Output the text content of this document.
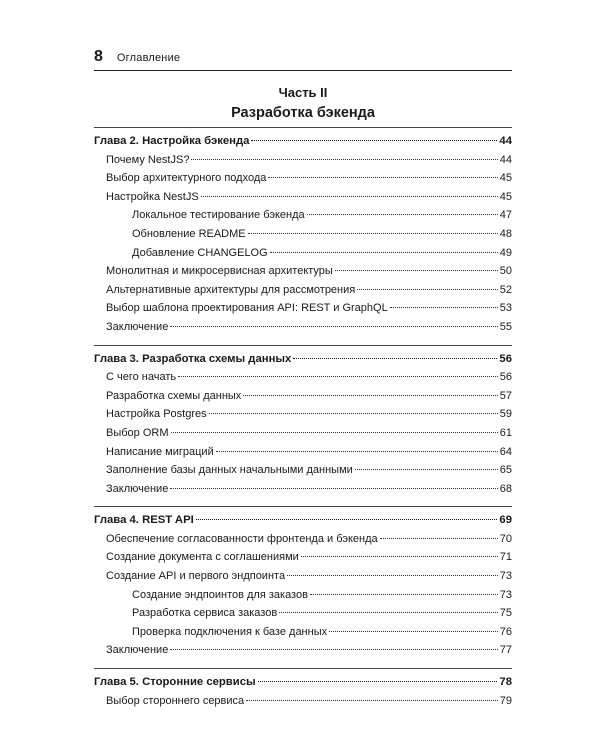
8 Оглавление
Часть II
Разработка бэкенда
Глава 2. Настройка бэкенда	44
Почему NestJS?	44
Выбор архитектурного подхода	45
Настройка NestJS	45
Локальное тестирование бэкенда	47
Обновление README	48
Добавление CHANGELOG	49
Монолитная и микросервисная архитектуры	50
Альтернативные архитектуры для рассмотрения	52
Выбор шаблона проектирования API: REST и GraphQL	53
Заключение	55
Глава 3. Разработка схемы данных	56
С чего начать	56
Разработка схемы данных	57
Настройка Postgres	59
Выбор ORM	61
Написание миграций	64
Заполнение базы данных начальными данными	65
Заключение	68
Глава 4. REST API	69
Обеспечение согласованности фронтенда и бэкенда	70
Создание документа с соглашениями	71
Создание API и первого эндпоинта	73
Создание эндпоинтов для заказов	73
Разработка сервиса заказов	75
Проверка подключения к базе данных	76
Заключение	77
Глава 5. Сторонние сервисы	78
Выбор стороннего сервиса	79
